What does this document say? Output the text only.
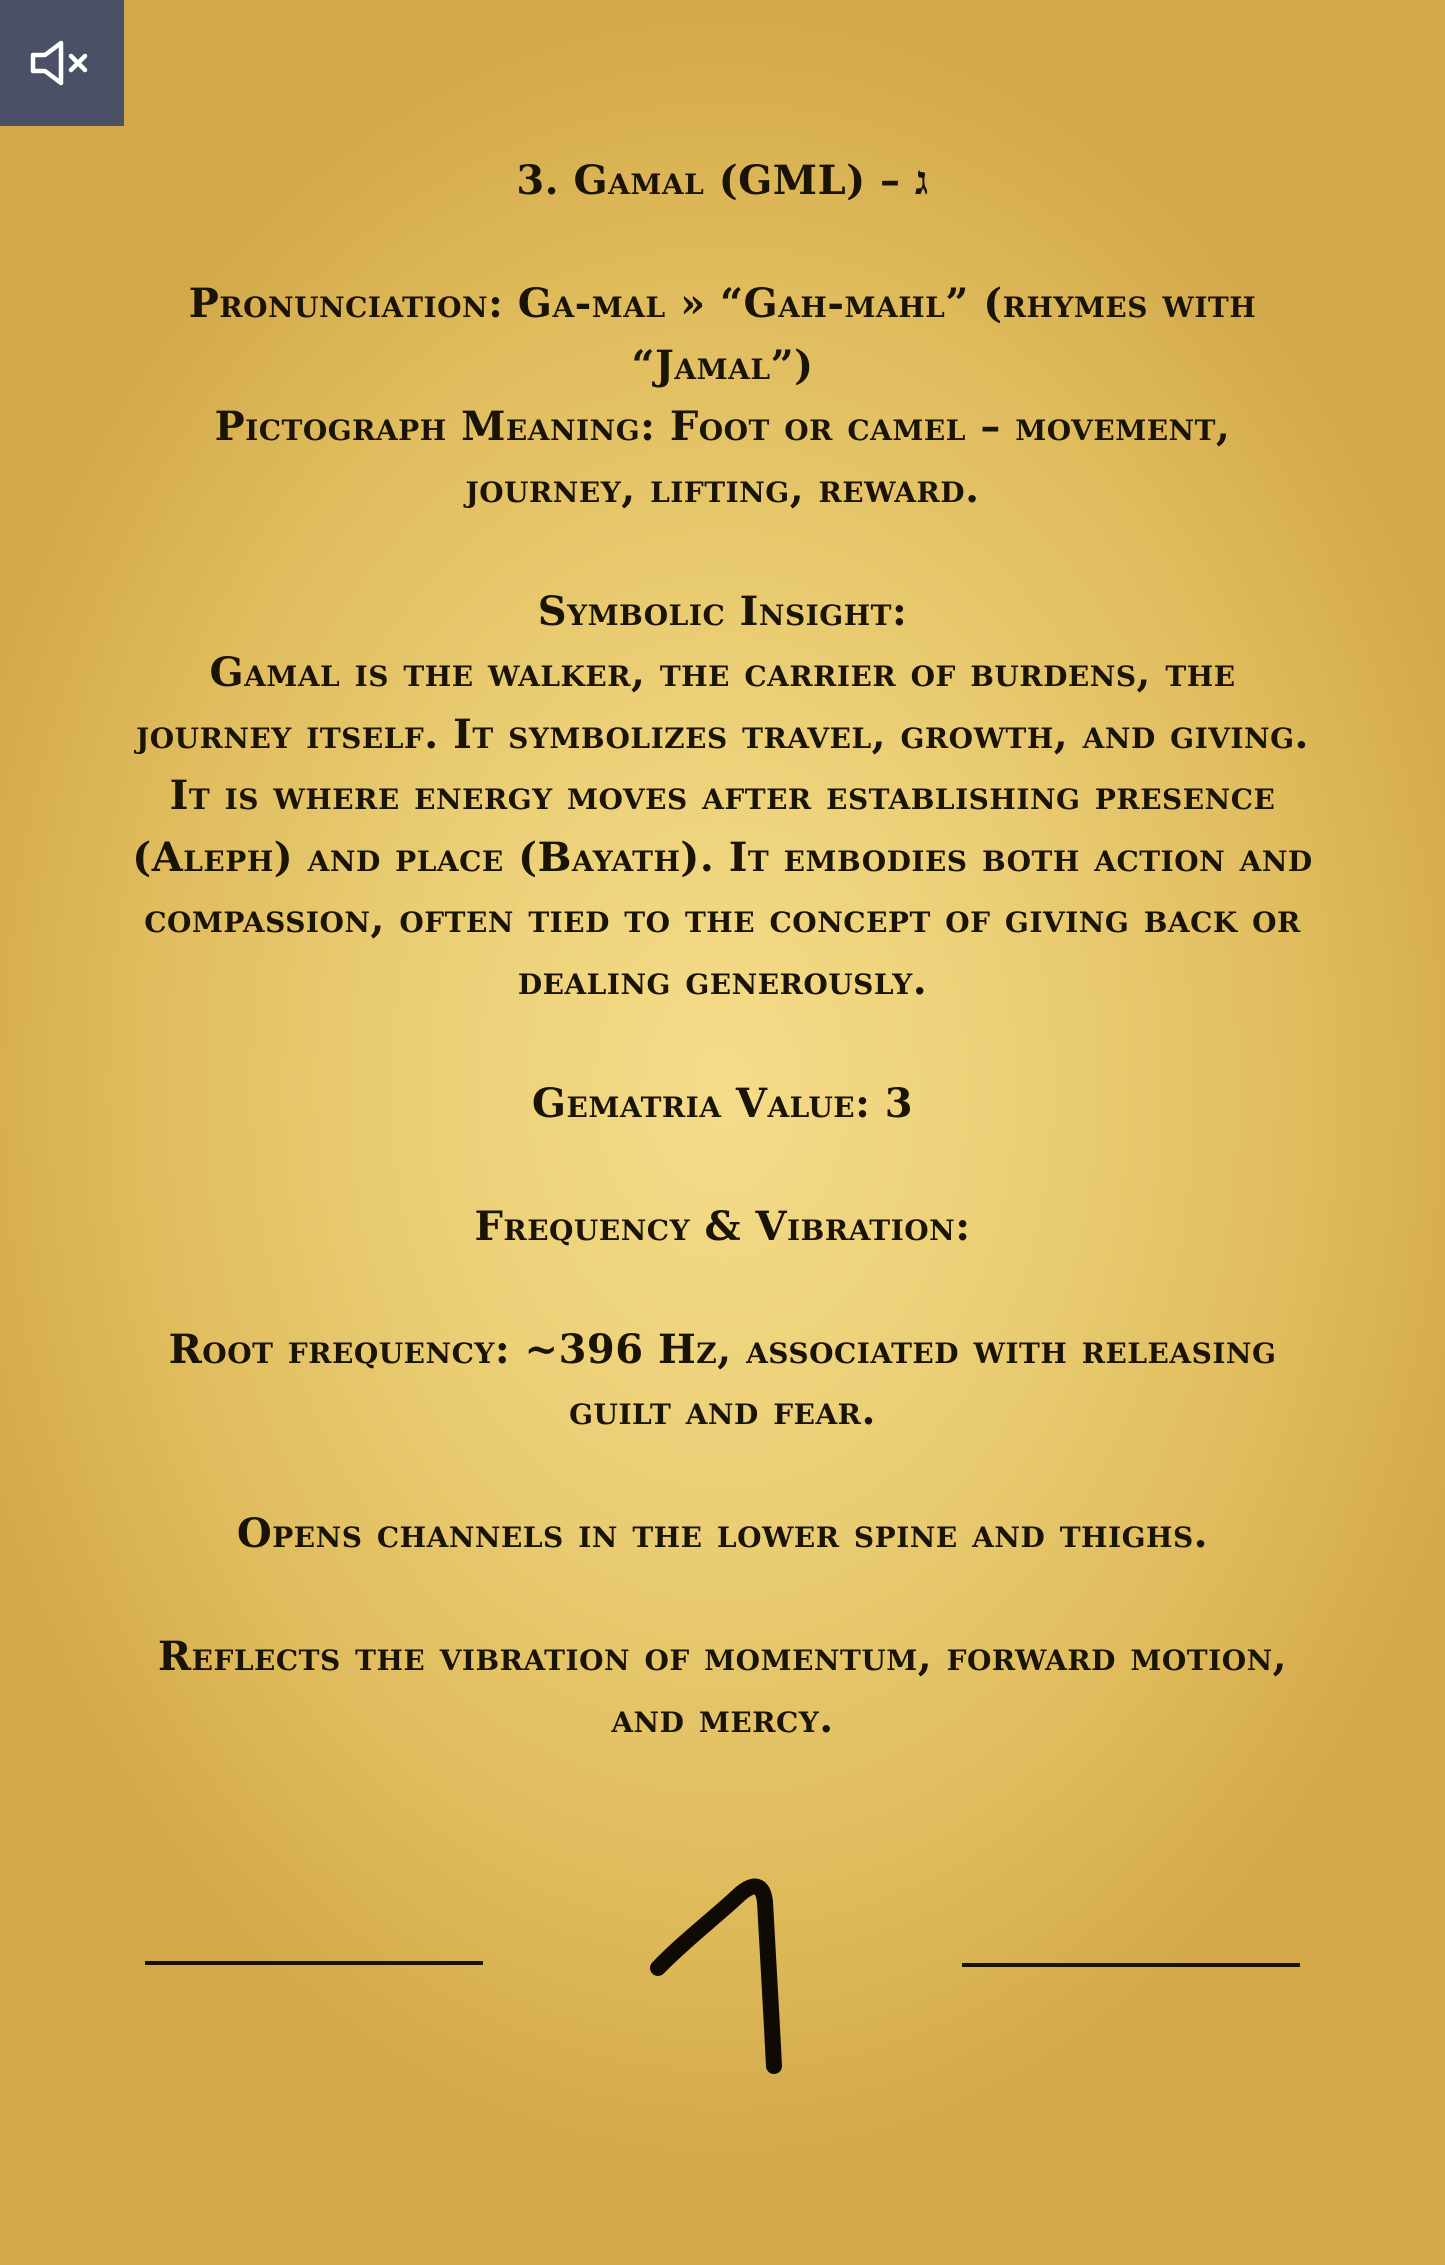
3. Gamal (GML) – ג
Pronunciation: Ga-mal » “Gah-mahl” (rhymes with “Jamal”)
Pictograph Meaning: Foot or camel – movement, journey, lifting, reward.
Symbolic Insight:
Gamal is the walker, the carrier of burdens, the journey itself. It symbolizes travel, growth, and giving. It is where energy moves after establishing presence (Aleph) and place (Bayath). It embodies both action and compassion, often tied to the concept of giving back or dealing generously.
Gematria Value: 3
Frequency & Vibration:
Root frequency: ~396 Hz, associated with releasing guilt and fear.
Opens channels in the lower spine and thighs.
Reflects the vibration of momentum, forward motion, and mercy.
